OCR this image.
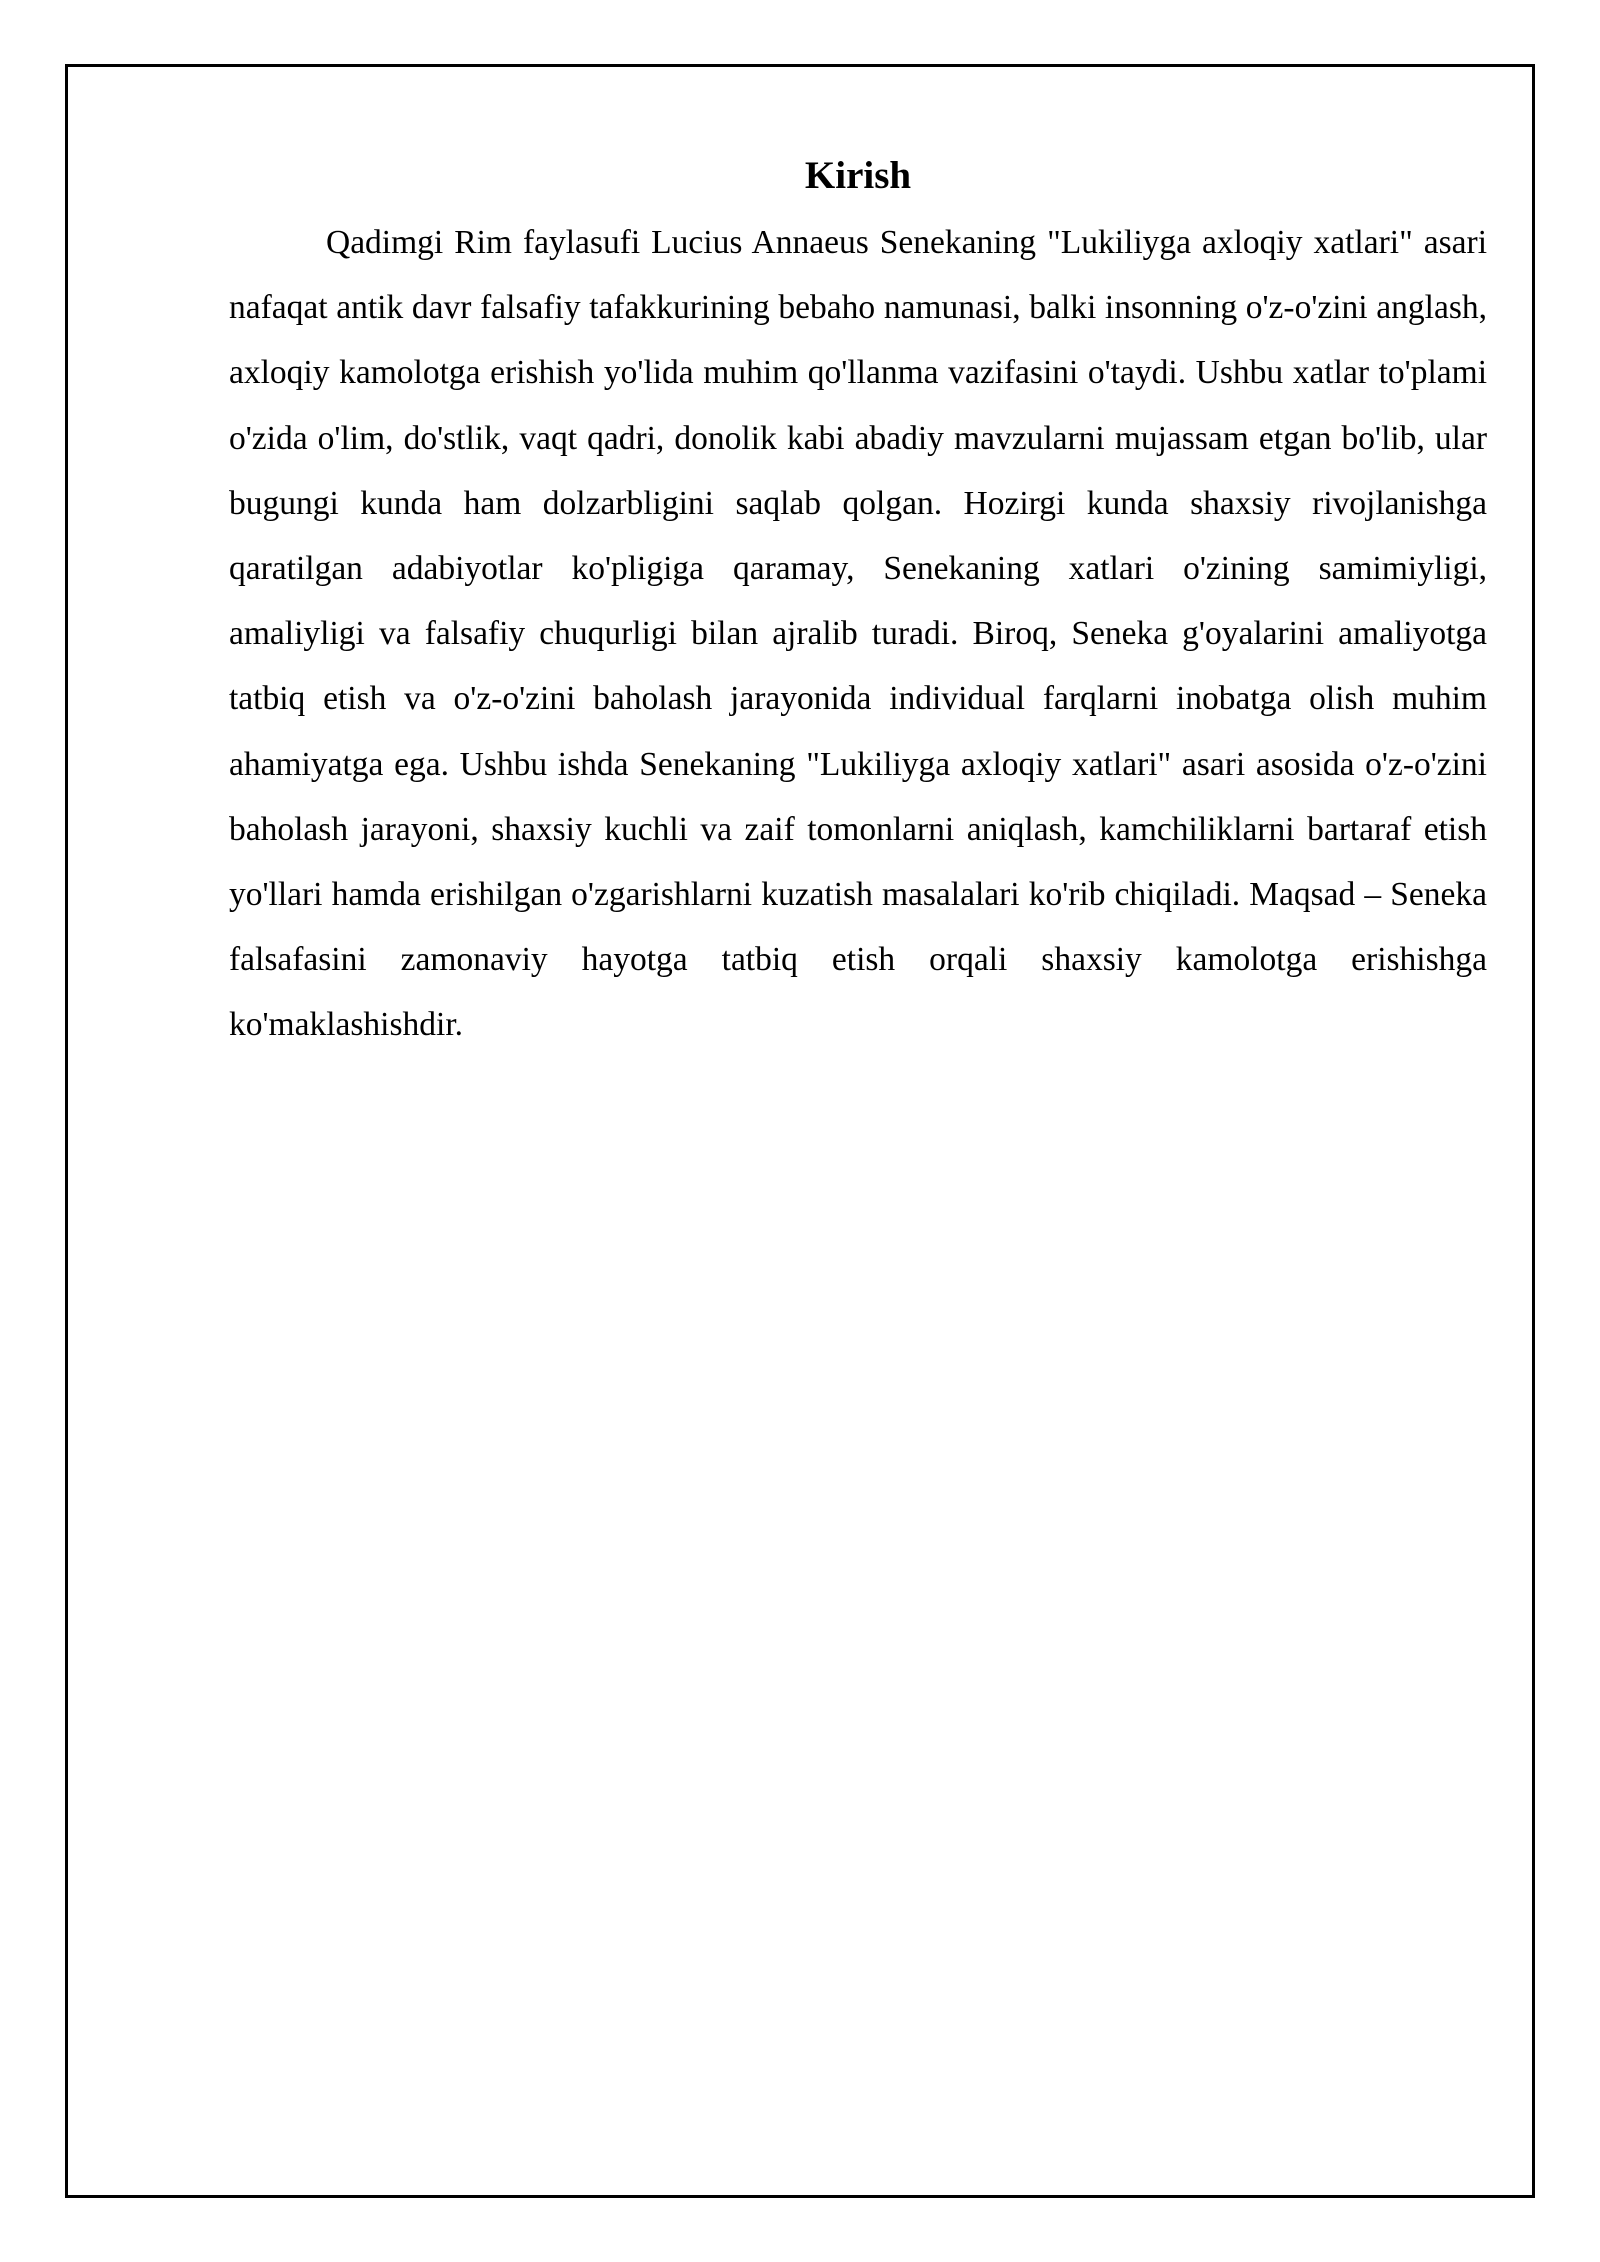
Kirish

Qadimgi Rim faylasufi Lucius Annaeus Senekaning "Lukiliyga axloqiy xatlari" asari nafaqat antik davr falsafiy tafakkurining bebaho namunasi, balki insonning o'z-o'zini anglash, axloqiy kamolotga erishish yo'lida muhim qo'llanma vazifasini o'taydi. Ushbu xatlar to'plami o'zida o'lim, do'stlik, vaqt qadri, donolik kabi abadiy mavzularni mujassam etgan bo'lib, ular bugungi kunda ham dolzarbligini saqlab qolgan. Hozirgi kunda shaxsiy rivojlanishga qaratilgan adabiyotlar ko'pligiga qaramay, Senekaning xatlari o'zining samimiyligi, amaliyligi va falsafiy chuqurligi bilan ajralib turadi. Biroq, Seneka g'oyalarini amaliyotga tatbiq etish va o'z-o'zini baholash jarayonida individual farqlarni inobatga olish muhim ahamiyatga ega. Ushbu ishda Senekaning "Lukiliyga axloqiy xatlari" asari asosida o'z-o'zini baholash jarayoni, shaxsiy kuchli va zaif tomonlarni aniqlash, kamchiliklarni bartaraf etish yo'llari hamda erishilgan o'zgarishlarni kuzatish masalalari ko'rib chiqiladi. Maqsad – Seneka falsafasini zamonaviy hayotga tatbiq etish orqali shaxsiy kamolotga erishishga ko'maklashishdir.
